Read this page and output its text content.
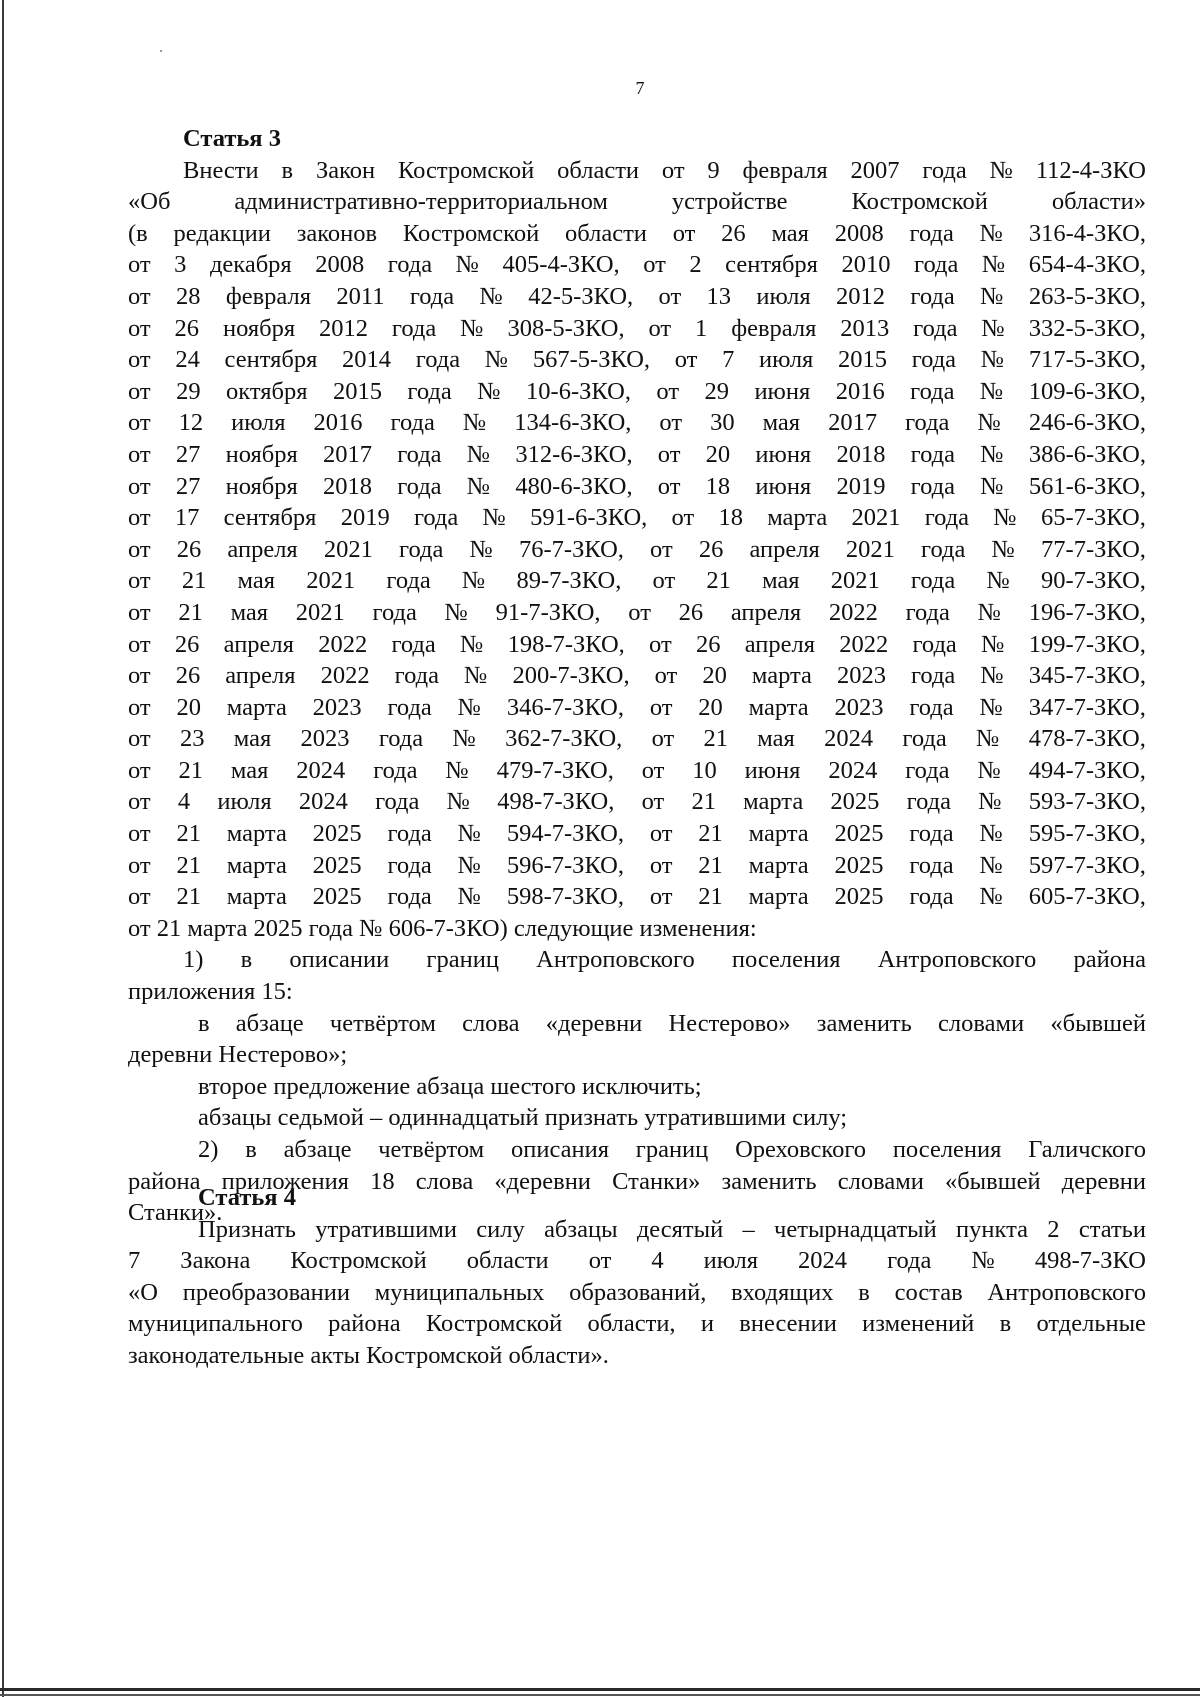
7
Статья 3
Внести в Закон Костромской области от 9 февраля 2007 года № 112-4-ЗКО
«Об	административно-территориальном	устройстве	Костромской	области»
(в редакции законов Костромской области от 26 мая 2008 года № 316-4-ЗКО,
от 3 декабря 2008 года № 405-4-ЗКО, от 2 сентября 2010 года № 654-4-ЗКО,
от 28 февраля 2011 года № 42-5-ЗКО, от 13 июля 2012 года № 263-5-ЗКО,
от 26 ноября 2012 года № 308-5-ЗКО, от 1 февраля 2013 года № 332-5-ЗКО,
от 24 сентября 2014 года № 567-5-ЗКО, от 7 июля 2015 года № 717-5-ЗКО,
от 29 октября 2015 года № 10-6-ЗКО, от 29 июня 2016 года № 109-6-ЗКО,
от 12 июля 2016 года № 134-6-ЗКО, от 30 мая 2017 года № 246-6-ЗКО,
от 27 ноября 2017 года № 312-6-ЗКО, от 20 июня 2018 года № 386-6-ЗКО,
от 27 ноября 2018 года № 480-6-ЗКО, от 18 июня 2019 года № 561-6-ЗКО,
от 17 сентября 2019 года № 591-6-ЗКО, от 18 марта 2021 года № 65-7-ЗКО,
от 26 апреля 2021 года № 76-7-ЗКО, от 26 апреля 2021 года № 77-7-ЗКО,
от 21 мая 2021 года № 89-7-ЗКО, от 21 мая 2021 года № 90-7-ЗКО,
от 21 мая 2021 года № 91-7-ЗКО, от 26 апреля 2022 года № 196-7-ЗКО,
от 26 апреля 2022 года № 198-7-ЗКО, от 26 апреля 2022 года № 199-7-ЗКО,
от 26 апреля 2022 года № 200-7-ЗКО, от 20 марта 2023 года № 345-7-ЗКО,
от 20 марта 2023 года № 346-7-ЗКО, от 20 марта 2023 года № 347-7-ЗКО,
от 23 мая 2023 года № 362-7-ЗКО, от 21 мая 2024 года № 478-7-ЗКО,
от 21 мая 2024 года № 479-7-ЗКО, от 10 июня 2024 года № 494-7-ЗКО,
от 4 июля 2024 года № 498-7-ЗКО, от 21 марта 2025 года № 593-7-ЗКО,
от 21 марта 2025 года № 594-7-ЗКО, от 21 марта 2025 года № 595-7-ЗКО,
от 21 марта 2025 года № 596-7-ЗКО, от 21 марта 2025 года № 597-7-ЗКО,
от 21 марта 2025 года № 598-7-ЗКО, от 21 марта 2025 года № 605-7-ЗКО,
от 21 марта 2025 года № 606-7-ЗКО) следующие изменения:
1) в описании границ Антроповского поселения Антроповского района
приложения 15:
в абзаце четвёртом слова «деревни Нестерово» заменить словами «бывшей
деревни Нестерово»;
второе предложение абзаца шестого исключить;
абзацы седьмой – одиннадцатый признать утратившими силу;
2) в абзаце четвёртом описания границ Ореховского поселения Галичского
района приложения 18 слова «деревни Станки» заменить словами «бывшей деревни
Станки».
Статья 4
Признать утратившими силу абзацы десятый – четырнадцатый пункта 2 статьи
7 Закона Костромской области от 4 июля 2024 года № 498-7-ЗКО
«О преобразовании муниципальных образований, входящих в состав Антроповского
муниципального района Костромской области, и внесении изменений в отдельные
законодательные акты Костромской области».
